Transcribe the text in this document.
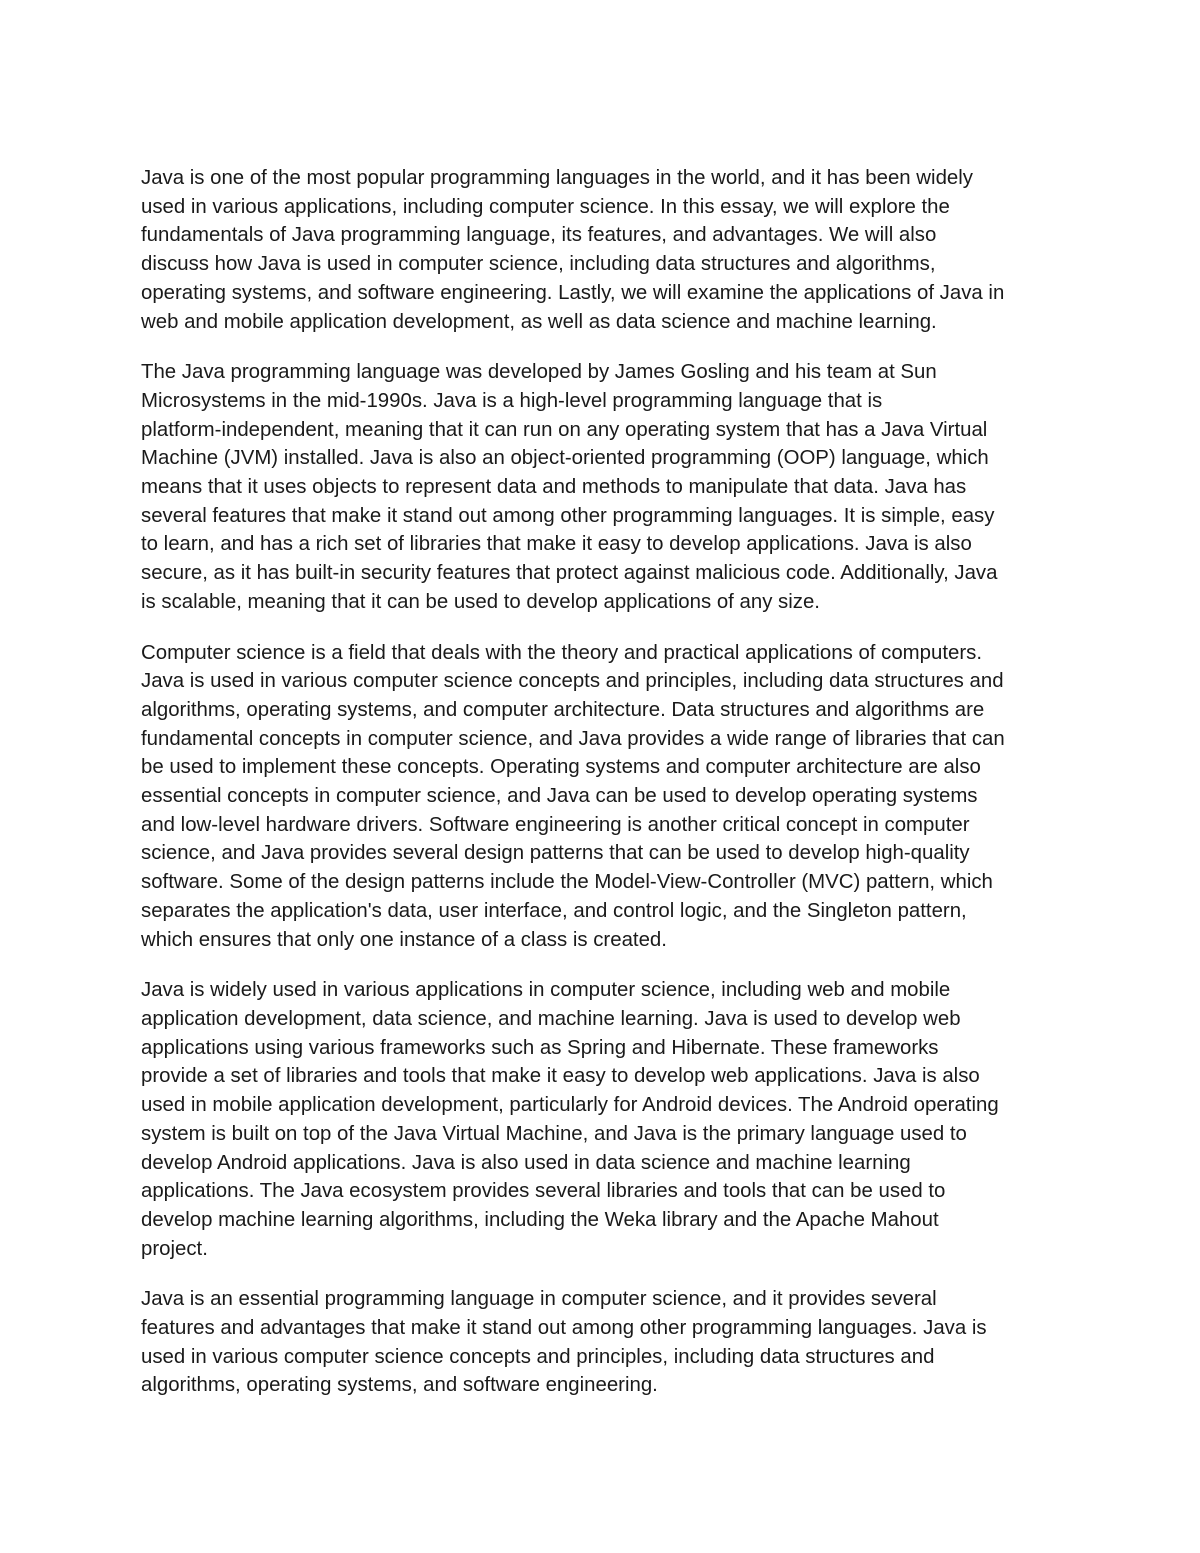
Java is one of the most popular programming languages in the world, and it has been widely
used in various applications, including computer science. In this essay, we will explore the
fundamentals of Java programming language, its features, and advantages. We will also
discuss how Java is used in computer science, including data structures and algorithms,
operating systems, and software engineering. Lastly, we will examine the applications of Java in
web and mobile application development, as well as data science and machine learning.

The Java programming language was developed by James Gosling and his team at Sun
Microsystems in the mid-1990s. Java is a high-level programming language that is
platform-independent, meaning that it can run on any operating system that has a Java Virtual
Machine (JVM) installed. Java is also an object-oriented programming (OOP) language, which
means that it uses objects to represent data and methods to manipulate that data. Java has
several features that make it stand out among other programming languages. It is simple, easy
to learn, and has a rich set of libraries that make it easy to develop applications. Java is also
secure, as it has built-in security features that protect against malicious code. Additionally, Java
is scalable, meaning that it can be used to develop applications of any size.

Computer science is a field that deals with the theory and practical applications of computers.
Java is used in various computer science concepts and principles, including data structures and
algorithms, operating systems, and computer architecture. Data structures and algorithms are
fundamental concepts in computer science, and Java provides a wide range of libraries that can
be used to implement these concepts. Operating systems and computer architecture are also
essential concepts in computer science, and Java can be used to develop operating systems
and low-level hardware drivers. Software engineering is another critical concept in computer
science, and Java provides several design patterns that can be used to develop high-quality
software. Some of the design patterns include the Model-View-Controller (MVC) pattern, which
separates the application's data, user interface, and control logic, and the Singleton pattern,
which ensures that only one instance of a class is created.

Java is widely used in various applications in computer science, including web and mobile
application development, data science, and machine learning. Java is used to develop web
applications using various frameworks such as Spring and Hibernate. These frameworks
provide a set of libraries and tools that make it easy to develop web applications. Java is also
used in mobile application development, particularly for Android devices. The Android operating
system is built on top of the Java Virtual Machine, and Java is the primary language used to
develop Android applications. Java is also used in data science and machine learning
applications. The Java ecosystem provides several libraries and tools that can be used to
develop machine learning algorithms, including the Weka library and the Apache Mahout
project.

Java is an essential programming language in computer science, and it provides several
features and advantages that make it stand out among other programming languages. Java is
used in various computer science concepts and principles, including data structures and
algorithms, operating systems, and software engineering.
